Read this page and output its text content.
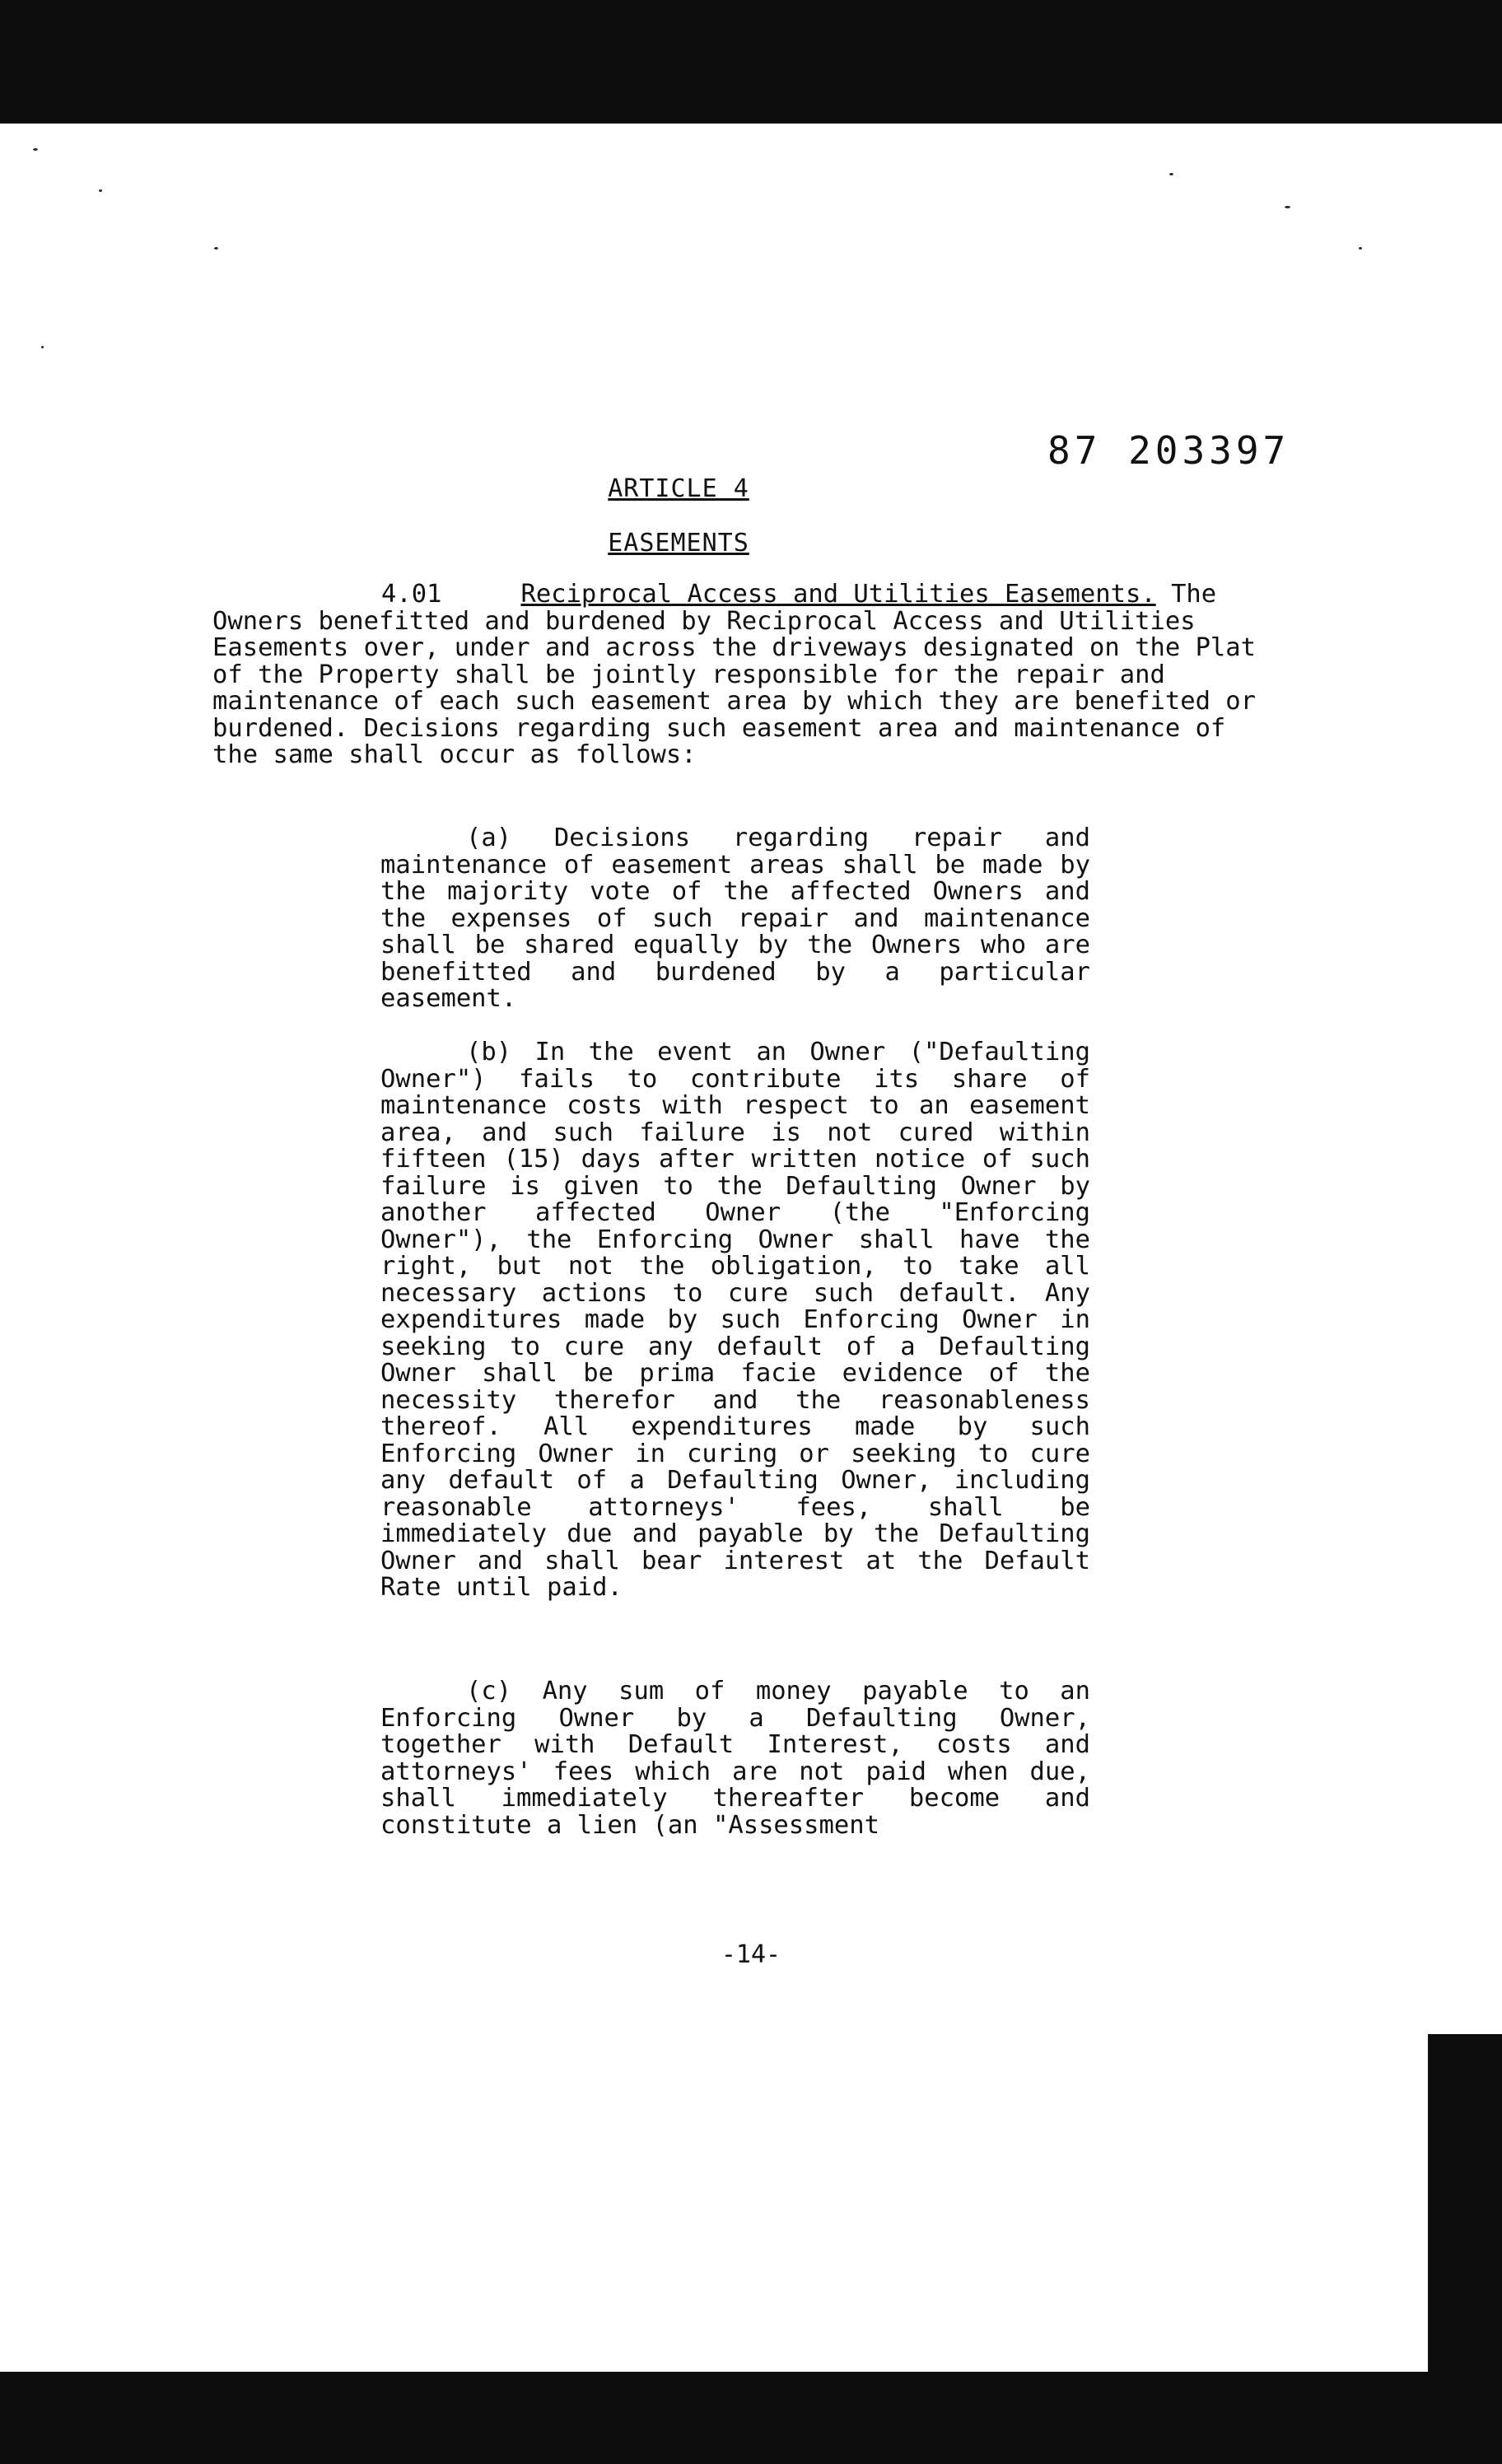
87 203397
ARTICLE 4
EASEMENTS
4.01	Reciprocal Access and Utilities Easements. The Owners benefitted and burdened by Reciprocal Access and Utilities Easements over, under and across the driveways designated on the Plat of the Property shall be jointly responsible for the repair and maintenance of each such easement area by which they are benefited or burdened. Decisions regarding such easement area and maintenance of the same shall occur as follows:
(a) Decisions regarding repair and maintenance of easement areas shall be made by the majority vote of the affected Owners and the expenses of such repair and maintenance shall be shared equally by the Owners who are benefitted and burdened by a particular easement.
(b) In the event an Owner ("Defaulting Owner") fails to contribute its share of maintenance costs with respect to an easement area, and such failure is not cured within fifteen (15) days after written notice of such failure is given to the Defaulting Owner by another affected Owner (the "Enforcing Owner"), the Enforcing Owner shall have the right, but not the obligation, to take all necessary actions to cure such default. Any expenditures made by such Enforcing Owner in seeking to cure any default of a Defaulting Owner shall be prima facie evidence of the necessity therefor and the reasonableness thereof. All expenditures made by such Enforcing Owner in curing or seeking to cure any default of a Defaulting Owner, including reasonable attorneys' fees, shall be immediately due and payable by the Defaulting Owner and shall bear interest at the Default Rate until paid.
(c) Any sum of money payable to an Enforcing Owner by a Defaulting Owner, together with Default Interest, costs and attorneys' fees which are not paid when due, shall immediately thereafter become and constitute a lien (an "Assessment
-14-
